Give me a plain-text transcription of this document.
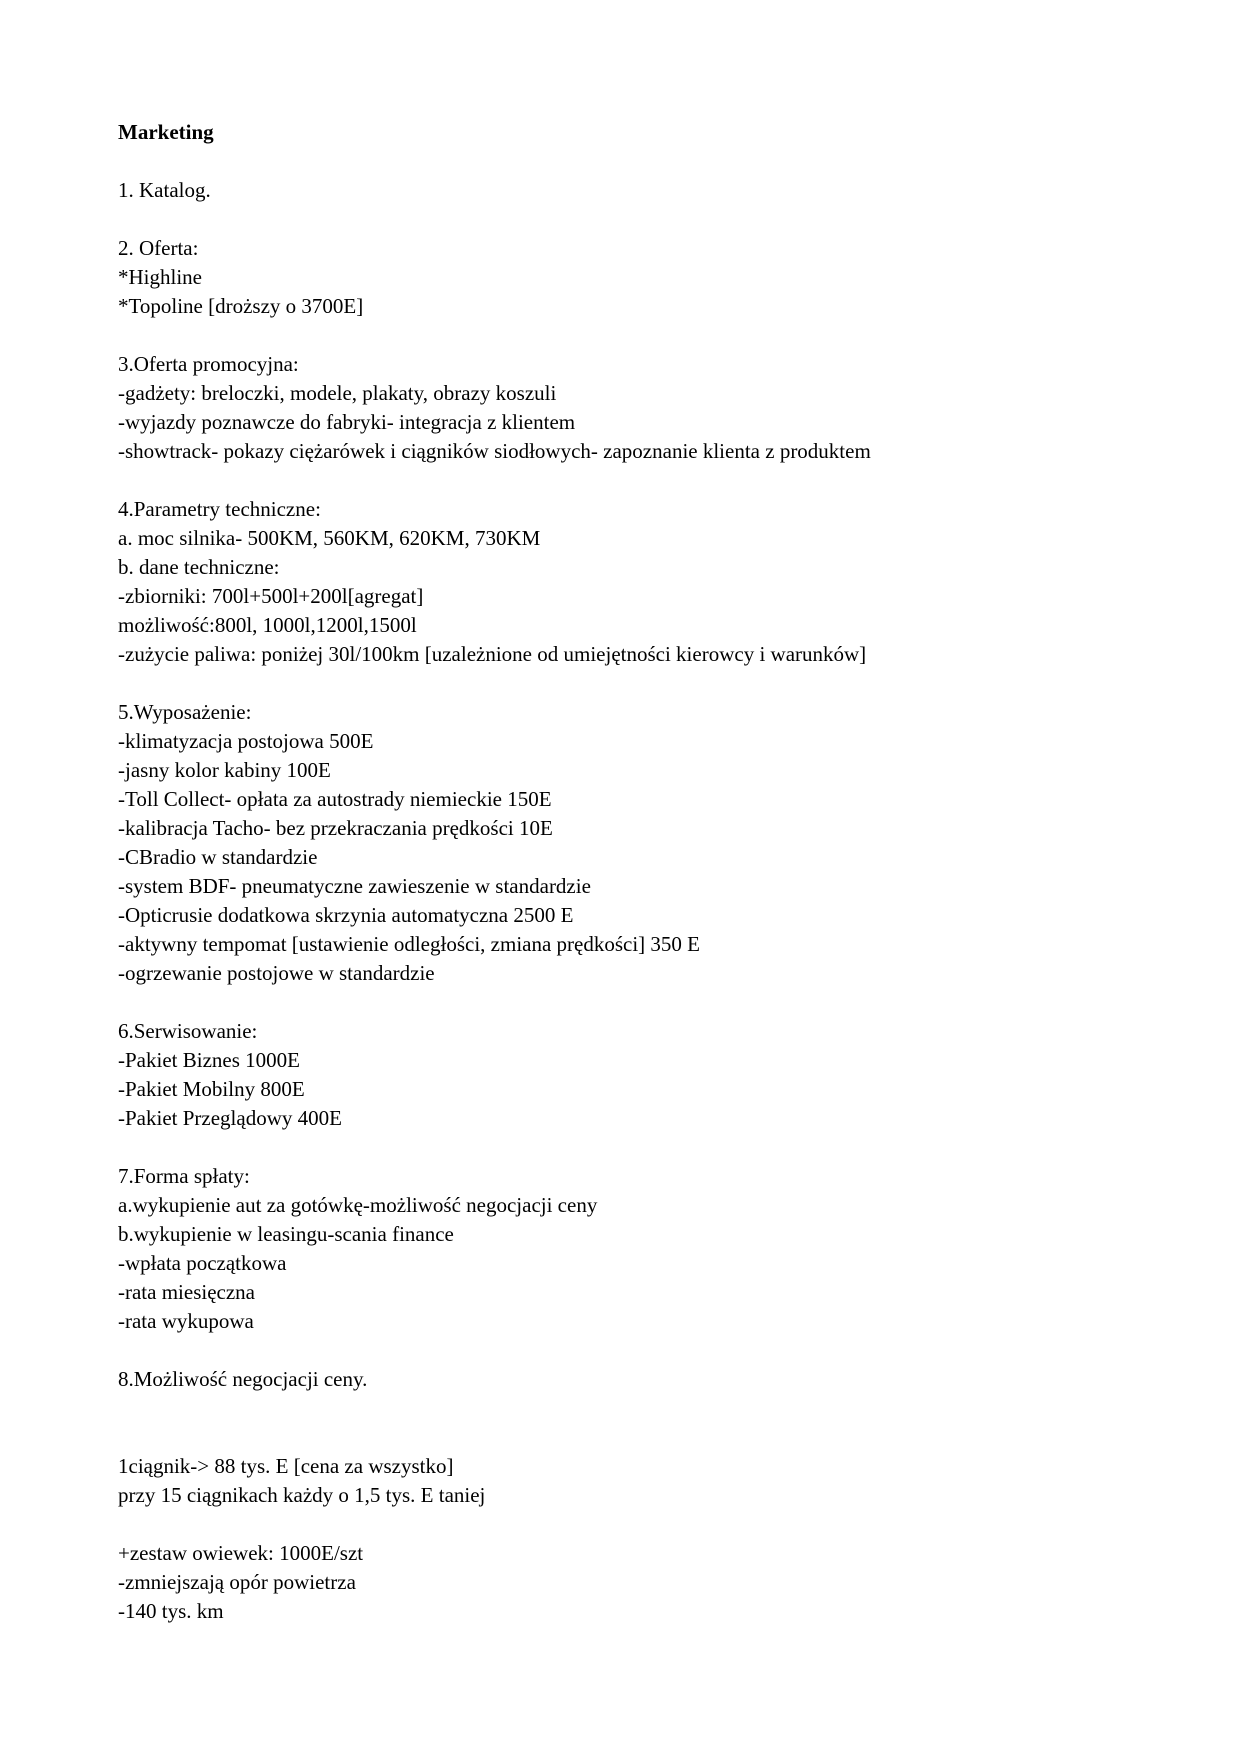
Marketing
1. Katalog.
2. Oferta:
*Highline
*Topoline [droższy o 3700E]
3.Oferta promocyjna:
-gadżety: breloczki, modele, plakaty, obrazy koszuli
-wyjazdy poznawcze do fabryki- integracja z klientem
-showtrack- pokazy ciężarówek i ciągników siodłowych- zapoznanie klienta z produktem
4.Parametry techniczne:
a. moc silnika- 500KM, 560KM, 620KM, 730KM
b. dane techniczne:
-zbiorniki: 700l+500l+200l[agregat]
możliwość:800l, 1000l,1200l,1500l
-zużycie paliwa: poniżej 30l/100km [uzależnione od umiejętności kierowcy i warunków]
5.Wyposażenie:
-klimatyzacja postojowa 500E
-jasny kolor kabiny 100E
-Toll Collect- opłata za autostrady niemieckie 150E
-kalibracja Tacho- bez przekraczania prędkości 10E
-CBradio w standardzie
-system BDF- pneumatyczne zawieszenie w standardzie
-Opticrusie dodatkowa skrzynia automatyczna 2500 E
-aktywny tempomat [ustawienie odległości, zmiana prędkości] 350 E
-ogrzewanie postojowe w standardzie
6.Serwisowanie:
-Pakiet Biznes 1000E
-Pakiet Mobilny 800E
-Pakiet Przeglądowy 400E
7.Forma spłaty:
a.wykupienie aut za gotówkę-możliwość negocjacji ceny
b.wykupienie w leasingu-scania finance
-wpłata początkowa
-rata miesięczna
-rata wykupowa
8.Możliwość negocjacji ceny.
1ciągnik-> 88 tys. E [cena za wszystko]
przy 15 ciągnikach każdy o 1,5 tys. E taniej
+zestaw owiewek: 1000E/szt
-zmniejszają opór powietrza
-140 tys. km
